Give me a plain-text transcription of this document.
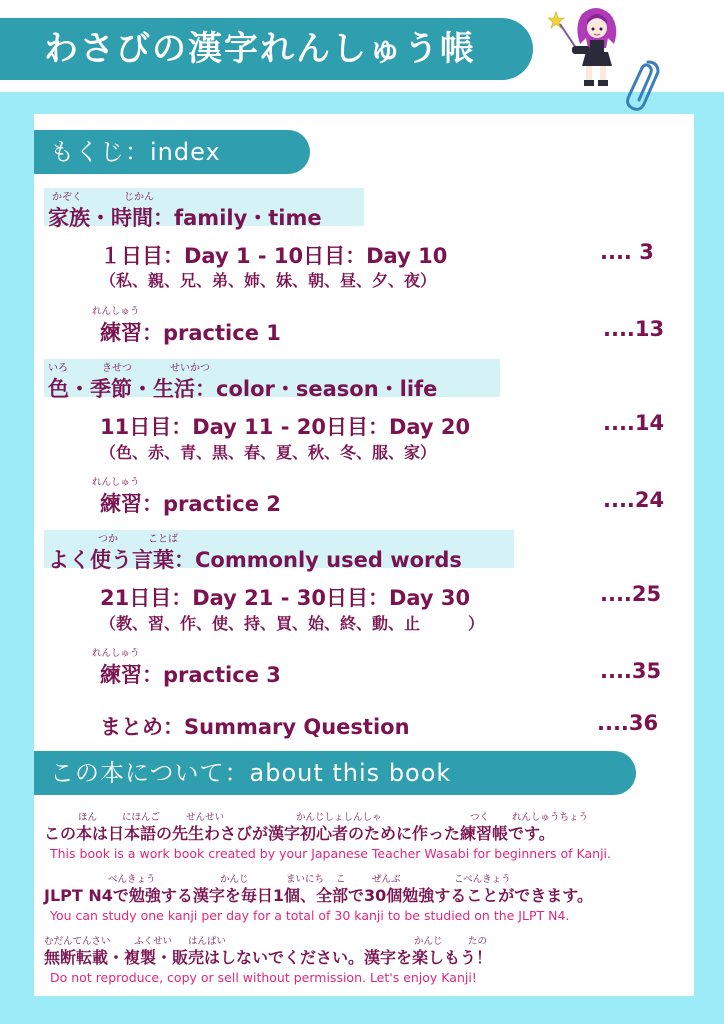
わさびの漢字れんしゅう帳
もくじ：index
かぞく	じかん
家族・時間：family・time
１日目：Day 1 - 10日目：Day 10	.... 3
（私、親、兄、弟、姉、妹、朝、昼、夕、夜）
れんしゅう
練習：practice 1	....13
いろ	きせつ	せいかつ
色・季節・生活：color・season・life
11日目：Day 11 - 20日目：Day 20	....14
（色、赤、青、黒、春、夏、秋、冬、服、家）
れんしゅう
練習：practice 2	....24
つか	ことば
よく使う言葉：Commonly used words
21日目：Day 21 - 30日目：Day 30	....25
（教、習、作、使、持、買、始、終、動、止　　　）
れんしゅう
練習：practice 3	....35
まとめ：Summary Question	....36
この本について：about this book
ほん	にほんご	せんせい	かんじしょしんしゃ	つく れんしゅうちょう
この本は日本語の先生わさびが漢字初心者のために作った練習帳です。
This book is a work book created by your Japanese Teacher Wasabi for beginners of Kanji.
べんきょう	かんじ	まいにち こ	ぜんぶ	こべんきょう
JLPT N4で勉強する漢字を毎日1個、全部で30個勉強することができます。
You can study one kanji per day for a total of 30 kanji to be studied on the JLPT N4.
むだんてんさい ふくせい はんばい	かんじ	たの
無断転載・複製・販売はしないでください。漢字を楽しもう！
Do not reproduce, copy or sell without permission. Let's enjoy Kanji!
